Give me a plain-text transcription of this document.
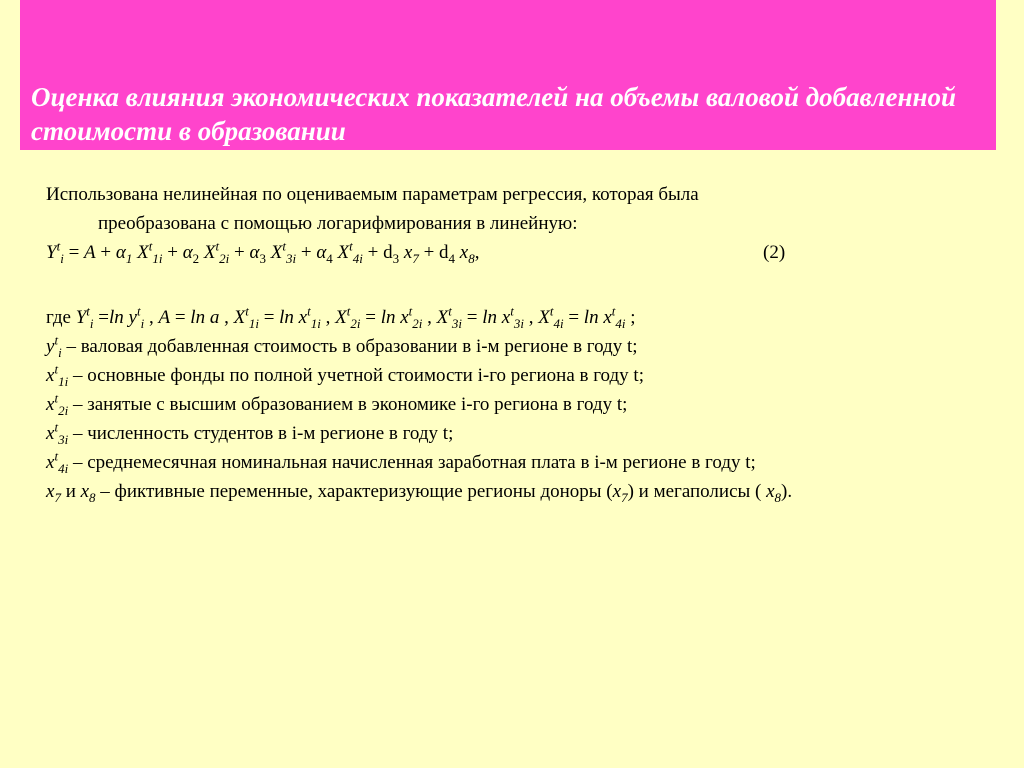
Оценка влияния экономических показателей на объемы валовой добавленной стоимости в образовании
Использована нелинейная по оцениваемым параметрам регрессия, которая была
преобразована с помощью логарифмирования в линейную:
$Y^t_i = A + \alpha_1$ $X^t_{1i} + \alpha_2$ $X^t_{2i} + \alpha_3$ $X^t_{3i} + \alpha_4$ $X^t_{4i} + d_3$ $x_7 + d_4$ $x_8$,	(2)
где $Y^t_i =\ln$ $y^t_i$ , A = ln a , $X^t_{1i} = \ln x^t_{1i}$ , $X^t_{2i} = \ln x^t_{2i}$ , $X^t_{3i} = \ln x^t_{3i}$ , $X^t_{4i} = \ln x^t_{4i}$ ;
$y^t_i$ – валовая добавленная стоимость в образовании в i-м регионе в году t;
$x^t_{1i}$ – основные фонды по полной учетной стоимости i-го региона в году t;
$x^t_{2i}$ – занятые с высшим образованием в экономике i-го региона в году t;
$x^t_{3i}$ – численность студентов в i-м регионе в году t;
$x^t_{4i}$ – среднемесячная номинальная начисленная заработная плата в i-м регионе в году t;
$x_7$ и $x_8$ – фиктивные переменные, характеризующие регионы доноры $(x_7)$ и мегаполисы ( $x_8$).
